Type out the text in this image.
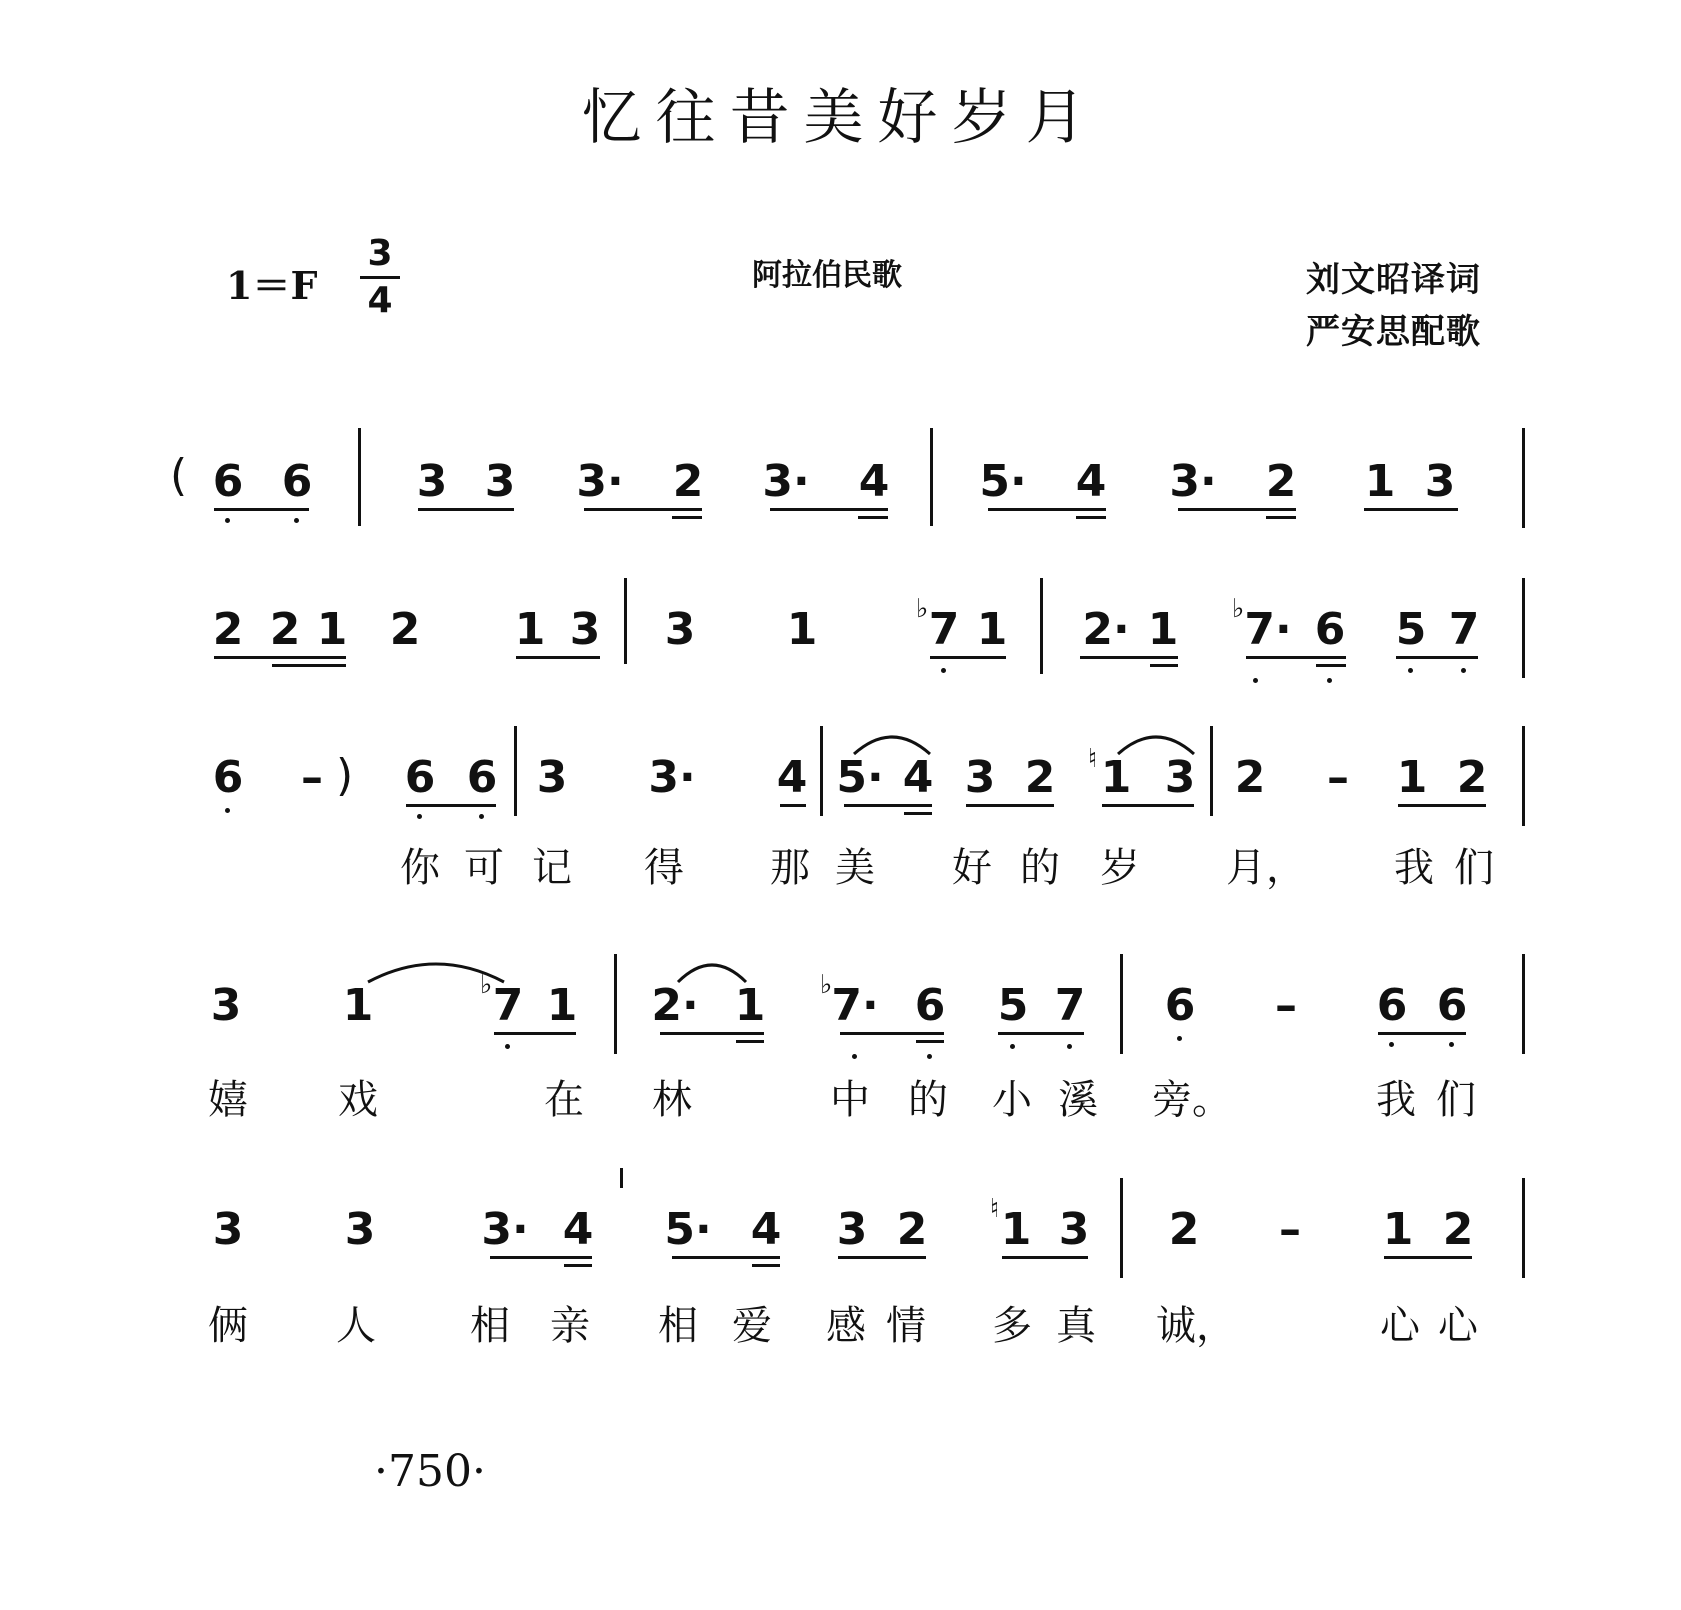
忆往昔美好岁月
1＝F
3
4
阿拉伯民歌	刘文昭译词
严安思配歌
( 6 6 3 3 3· 2 3· 4 5· 4 3· 2 1 3
2 2 1 2 1 3 3 1	♭ 7 1 2· 1 ♭ 7· 6 5 7
6 – ) 6 6 3 3· 4 5· 4 3 2 ♮ 1 3 2 – 1 2
你 可 记 得 那 美 好 的 岁 月， 我 们
3 1	♭ 7 1 2· 1 ♭ 7· 6 5 7 6 – 6 6
嬉 戏	在 林	中 的 小 溪 旁。	我 们
3 3 3· 4 5· 4 3 2 ♮ 1 3 2 – 1 2
俩 人 相 亲 相 爱 感 情 多 真 诚，	心 心
·750·
